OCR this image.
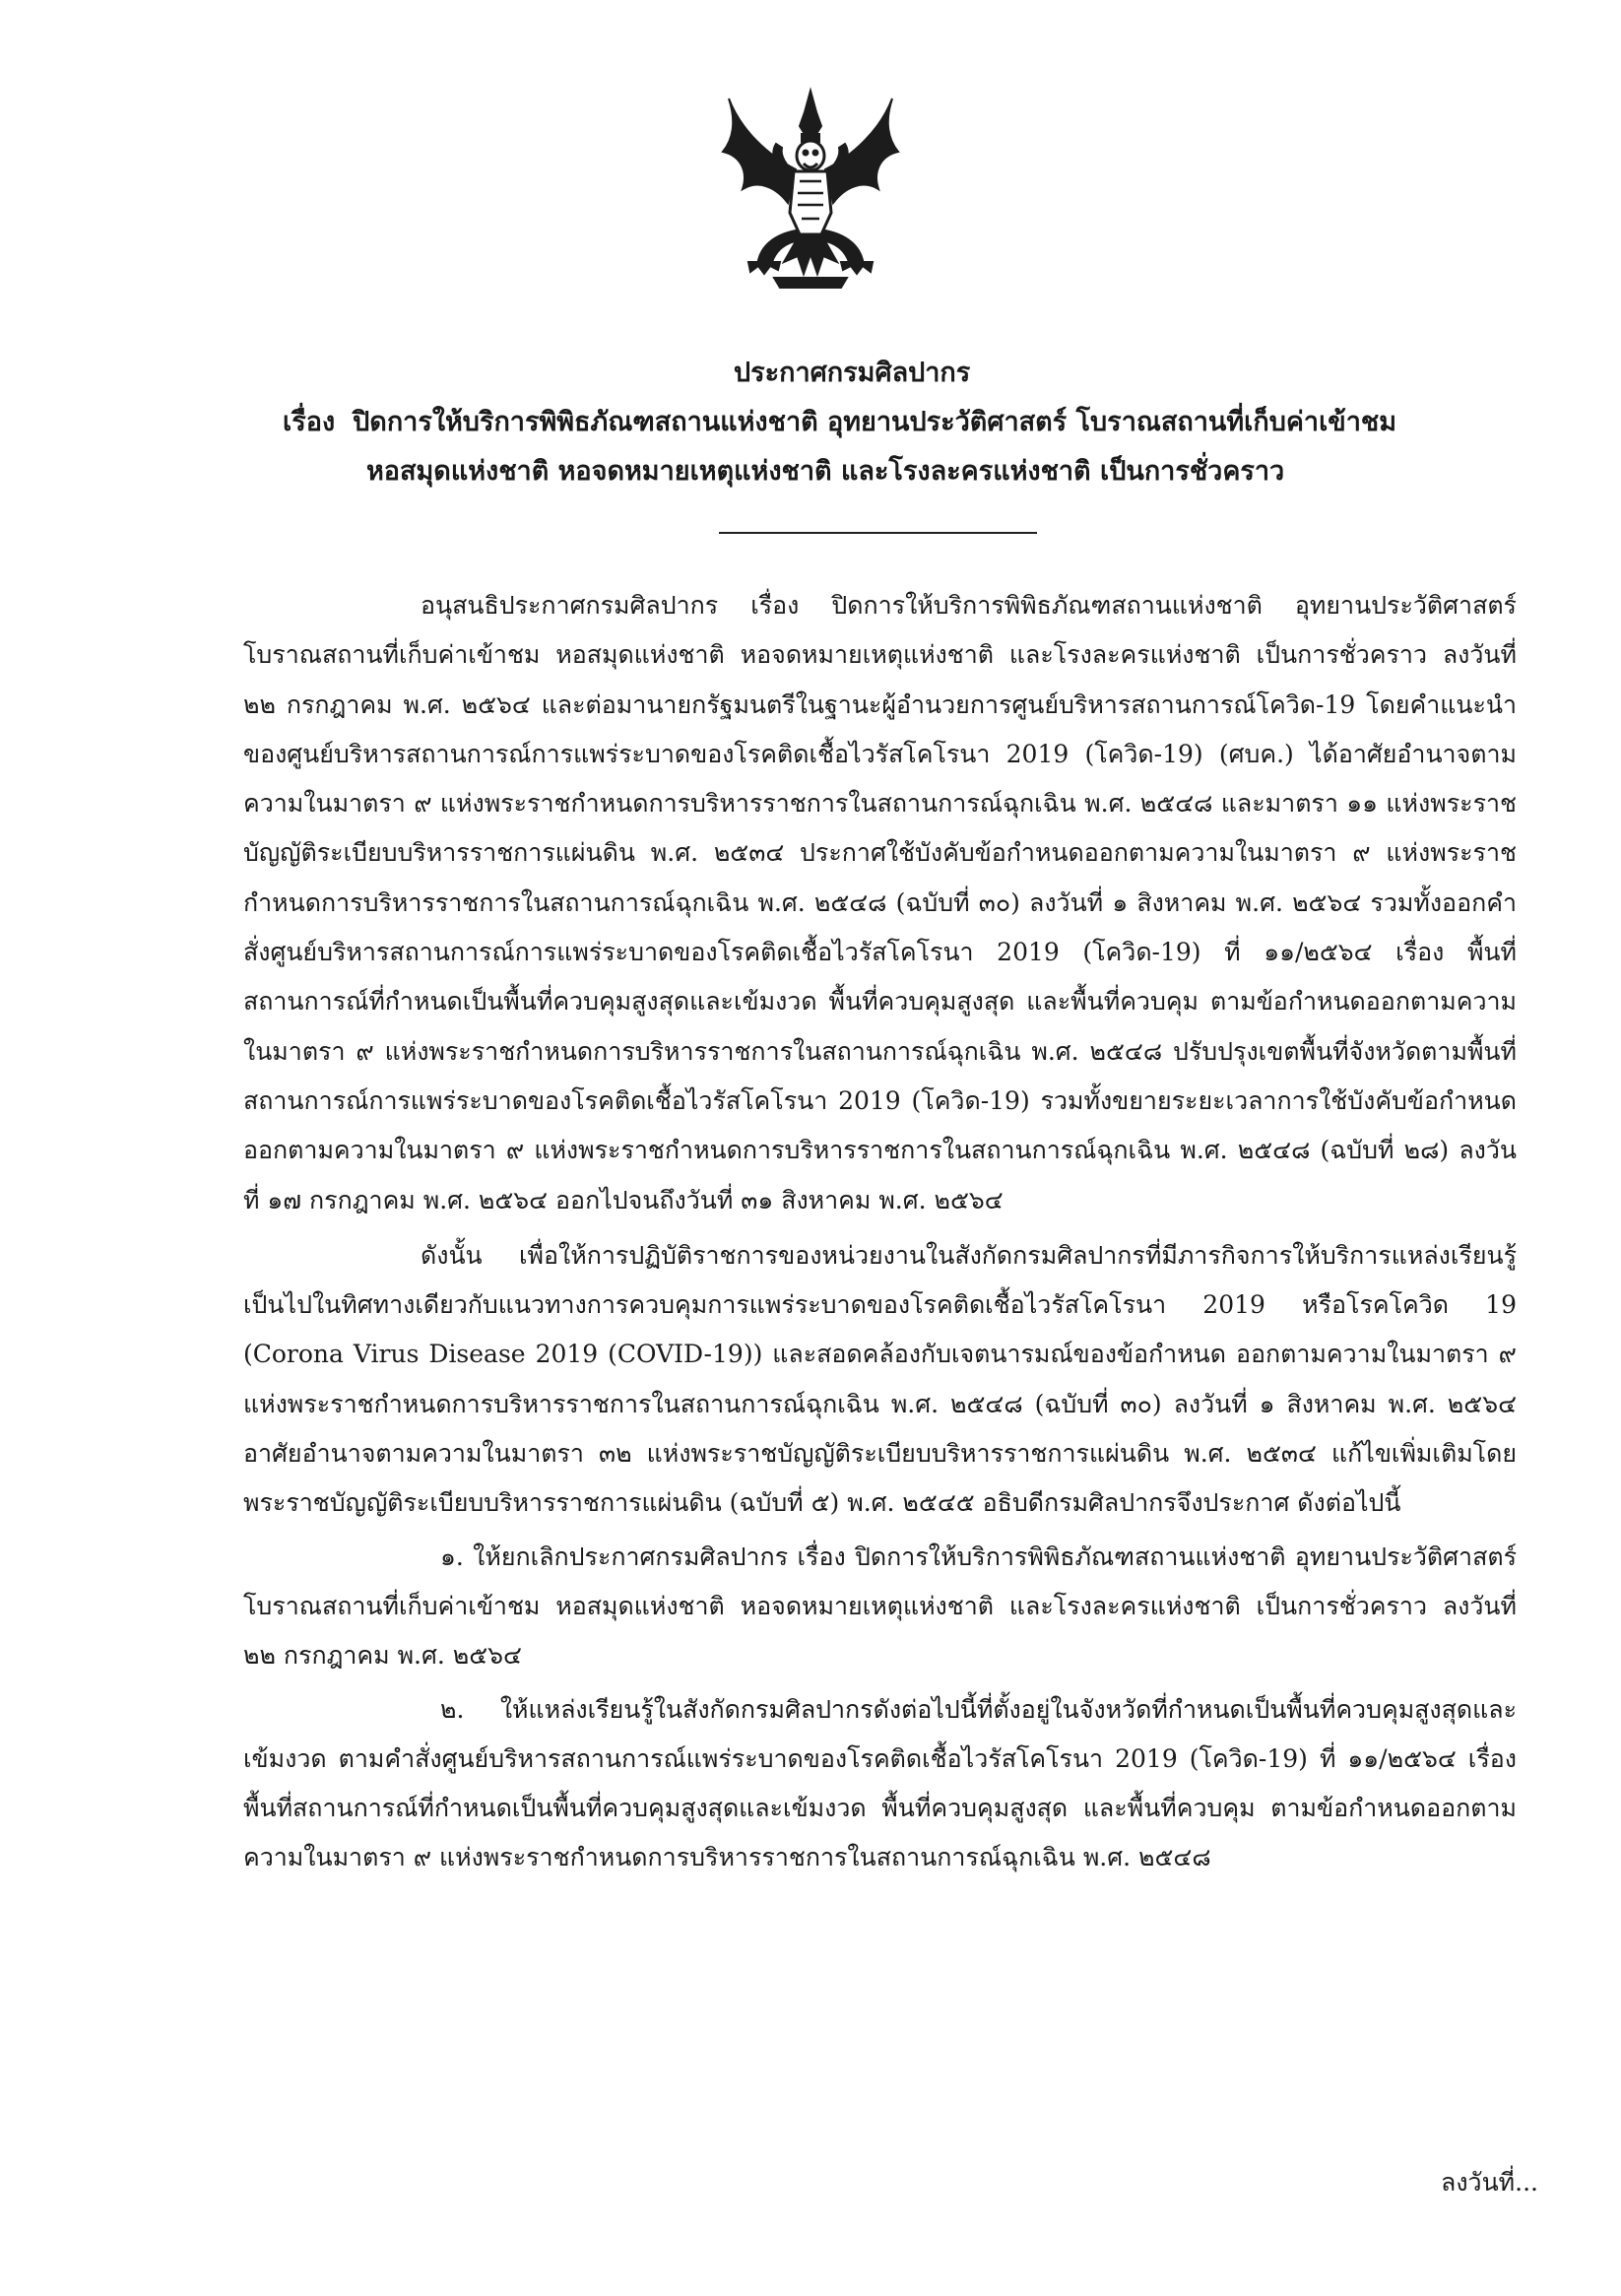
ประกาศกรมศิลปากร
เรื่อง ปิดการให้บริการพิพิธภัณฑสถานแห่งชาติ อุทยานประวัติศาสตร์ โบราณสถานที่เก็บค่าเข้าชม
หอสมุดแห่งชาติ หอจดหมายเหตุแห่งชาติ และโรงละครแห่งชาติ เป็นการชั่วคราว

อนุสนธิประกาศกรมศิลปากร เรื่อง ปิดการให้บริการพิพิธภัณฑสถานแห่งชาติ อุทยานประวัติศาสตร์ โบราณสถานที่เก็บค่าเข้าชม หอสมุดแห่งชาติ หอจดหมายเหตุแห่งชาติ และโรงละครแห่งชาติ เป็นการชั่วคราว ลงวันที่ ๒๒ กรกฎาคม พ.ศ. ๒๕๖๔ และต่อมานายกรัฐมนตรีในฐานะผู้อำนวยการศูนย์บริหารสถานการณ์โควิด-19 โดยคำแนะนำของศูนย์บริหารสถานการณ์การแพร่ระบาดของโรคติดเชื้อไวรัสโคโรนา 2019 (โควิด-19) (ศบค.) ได้อาศัยอำนาจตามความในมาตรา ๙ แห่งพระราชกำหนดการบริหารราชการในสถานการณ์ฉุกเฉิน พ.ศ. ๒๕๔๘ และมาตรา ๑๑ แห่งพระราชบัญญัติระเบียบบริหารราชการแผ่นดิน พ.ศ. ๒๕๓๔ ประกาศใช้บังคับข้อกำหนดออกตามความในมาตรา ๙ แห่งพระราชกำหนดการบริหารราชการในสถานการณ์ฉุกเฉิน พ.ศ. ๒๕๔๘ (ฉบับที่ ๓๐) ลงวันที่ ๑ สิงหาคม พ.ศ. ๒๕๖๔ รวมทั้งออกคำสั่งศูนย์บริหารสถานการณ์การแพร่ระบาดของโรคติดเชื้อไวรัสโคโรนา 2019 (โควิด-19) ที่ ๑๑/๒๕๖๔ เรื่อง พื้นที่สถานการณ์ที่กำหนดเป็นพื้นที่ควบคุมสูงสุดและเข้มงวด พื้นที่ควบคุมสูงสุด และพื้นที่ควบคุม ตามข้อกำหนดออกตามความในมาตรา ๙ แห่งพระราชกำหนดการบริหารราชการในสถานการณ์ฉุกเฉิน พ.ศ. ๒๕๔๘ ปรับปรุงเขตพื้นที่จังหวัดตามพื้นที่สถานการณ์การแพร่ระบาดของโรคติดเชื้อไวรัสโคโรนา 2019 (โควิด-19) รวมทั้งขยายระยะเวลาการใช้บังคับข้อกำหนดออกตามความในมาตรา ๙ แห่งพระราชกำหนดการบริหารราชการในสถานการณ์ฉุกเฉิน พ.ศ. ๒๕๔๘ (ฉบับที่ ๒๘) ลงวันที่ ๑๗ กรกฎาคม พ.ศ. ๒๕๖๔ ออกไปจนถึงวันที่ ๓๑ สิงหาคม พ.ศ. ๒๕๖๔

ดังนั้น เพื่อให้การปฏิบัติราชการของหน่วยงานในสังกัดกรมศิลปากรที่มีภารกิจการให้บริการแหล่งเรียนรู้ เป็นไปในทิศทางเดียวกับแนวทางการควบคุมการแพร่ระบาดของโรคติดเชื้อไวรัสโคโรนา 2019 หรือโรคโควิด 19 (Corona Virus Disease 2019 (COVID-19)) และสอดคล้องกับเจตนารมณ์ของข้อกำหนด ออกตามความในมาตรา ๙ แห่งพระราชกำหนดการบริหารราชการในสถานการณ์ฉุกเฉิน พ.ศ. ๒๕๔๘ (ฉบับที่ ๓๐) ลงวันที่ ๑ สิงหาคม พ.ศ. ๒๕๖๔ อาศัยอำนาจตามความในมาตรา ๓๒ แห่งพระราชบัญญัติระเบียบบริหารราชการแผ่นดิน พ.ศ. ๒๕๓๔ แก้ไขเพิ่มเติมโดยพระราชบัญญัติระเบียบบริหารราชการแผ่นดิน (ฉบับที่ ๕) พ.ศ. ๒๕๔๕ อธิบดีกรมศิลปากรจึงประกาศ ดังต่อไปนี้

๑. ให้ยกเลิกประกาศกรมศิลปากร เรื่อง ปิดการให้บริการพิพิธภัณฑสถานแห่งชาติ อุทยานประวัติศาสตร์ โบราณสถานที่เก็บค่าเข้าชม หอสมุดแห่งชาติ หอจดหมายเหตุแห่งชาติ และโรงละครแห่งชาติ เป็นการชั่วคราว ลงวันที่ ๒๒ กรกฎาคม พ.ศ. ๒๕๖๔

๒. ให้แหล่งเรียนรู้ในสังกัดกรมศิลปากรดังต่อไปนี้ที่ตั้งอยู่ในจังหวัดที่กำหนดเป็นพื้นที่ควบคุมสูงสุดและเข้มงวด ตามคำสั่งศูนย์บริหารสถานการณ์แพร่ระบาดของโรคติดเชื้อไวรัสโคโรนา 2019 (โควิด-19) ที่ ๑๑/๒๕๖๔ เรื่อง พื้นที่สถานการณ์ที่กำหนดเป็นพื้นที่ควบคุมสูงสุดและเข้มงวด พื้นที่ควบคุมสูงสุด และพื้นที่ควบคุม ตามข้อกำหนดออกตามความในมาตรา ๙ แห่งพระราชกำหนดการบริหารราชการในสถานการณ์ฉุกเฉิน พ.ศ. ๒๕๔๘

ลงวันที่...
